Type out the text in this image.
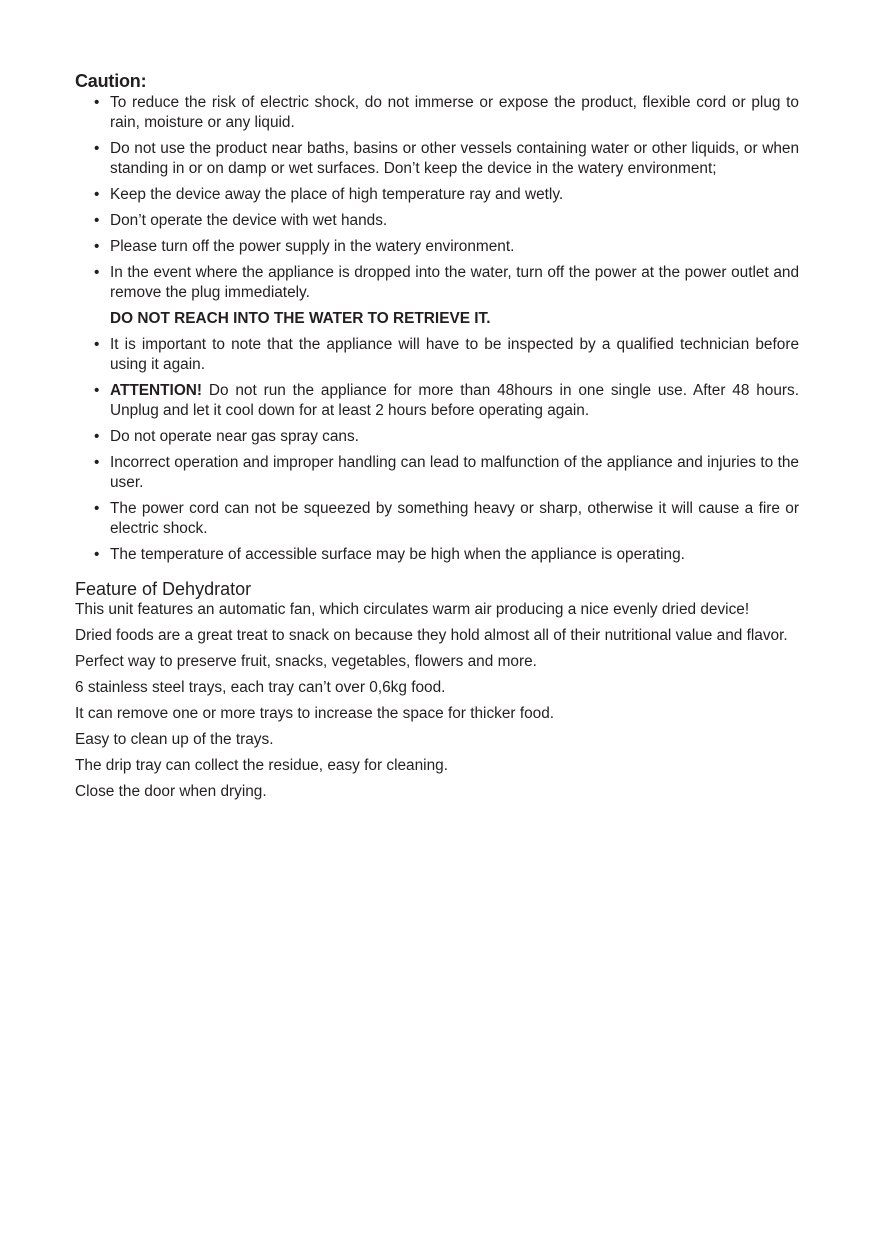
Caution:
• To reduce the risk of electric shock, do not immerse or expose the product, flexible cord or plug to rain, moisture or any liquid.
• Do not use the product near baths, basins or other vessels containing water or other liquids, or when standing in or on damp or wet surfaces. Don’t keep the device in the watery environment;
• Keep the device away the place of high temperature ray and wetly.
• Don’t operate the device with wet hands.
• Please turn off the power supply in the watery environment.
• In the event where the appliance is dropped into the water, turn off the power at the power outlet and remove the plug immediately.
DO NOT REACH INTO THE WATER TO RETRIEVE IT.
• It is important to note that the appliance will have to be inspected by a qualified technician before using it again.
• ATTENTION! Do not run the appliance for more than 48hours in one single use. After 48 hours. Unplug and let it cool down for at least 2 hours before operating again.
• Do not operate near gas spray cans.
• Incorrect operation and improper handling can lead to malfunction of the appliance and injuries to the user.
• The power cord can not be squeezed by something heavy or sharp, otherwise it will cause a fire or electric shock.
• The temperature of accessible surface may be high when the appliance is operating.
Feature of Dehydrator

This unit features an automatic fan, which circulates warm air producing a nice evenly dried device!

Dried foods are a great treat to snack on because they hold almost all of their nutritional value and flavor.

Perfect way to preserve fruit, snacks, vegetables, flowers and more.

6 stainless steel trays, each tray can’t over 0,6kg food.

It can remove one or more trays to increase the space for thicker food.

Easy to clean up of the trays.

The drip tray can collect the residue, easy for cleaning.

Close the door when drying.
